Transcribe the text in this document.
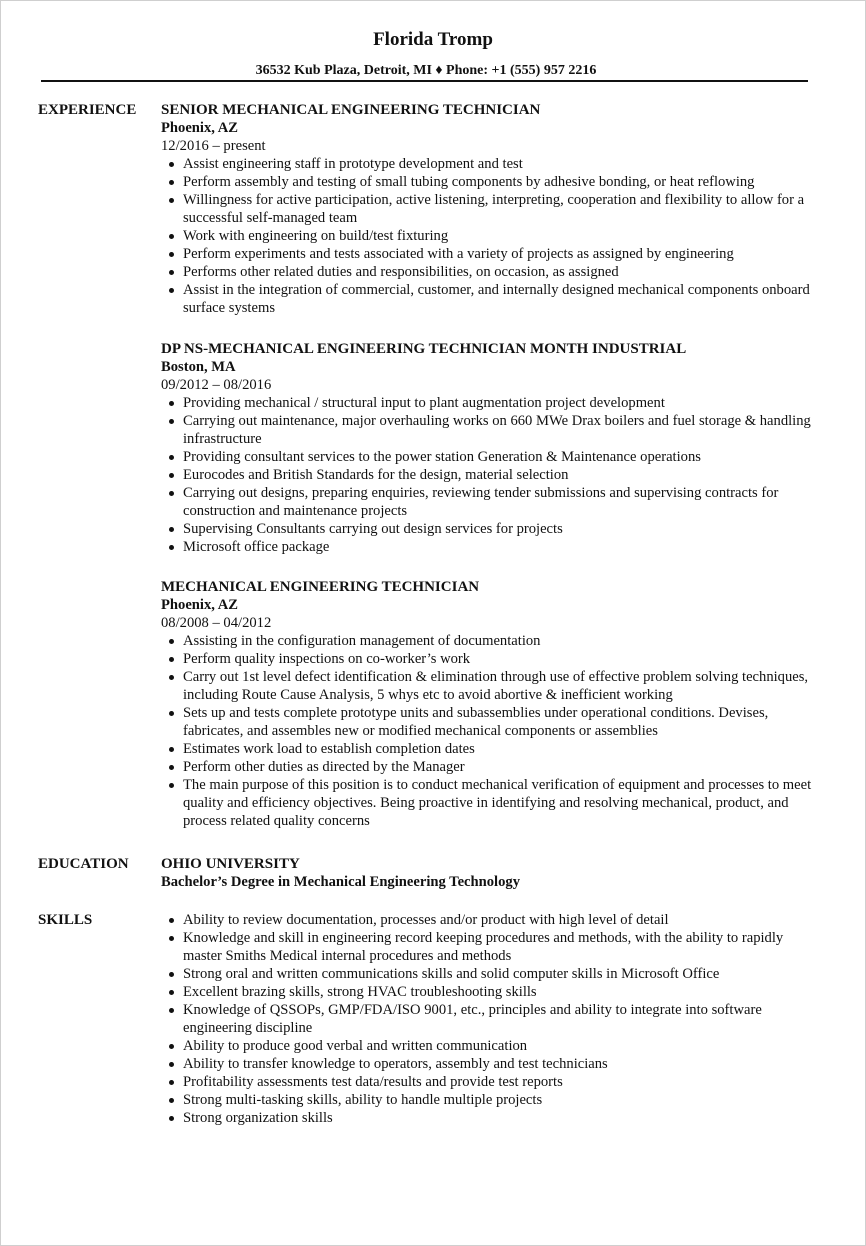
Florida Tromp
36532 Kub Plaza, Detroit, MI ♦ Phone: +1 (555) 957 2216
EXPERIENCE SENIOR MECHANICAL ENGINEERING TECHNICIAN
Phoenix, AZ
12/2016 – present
Assist engineering staff in prototype development and test
Perform assembly and testing of small tubing components by adhesive bonding, or heat reflowing
Willingness for active participation, active listening, interpreting, cooperation and flexibility to allow for a successful self-managed team
Work with engineering on build/test fixturing
Perform experiments and tests associated with a variety of projects as assigned by engineering
Performs other related duties and responsibilities, on occasion, as assigned
Assist in the integration of commercial, customer, and internally designed mechanical components onboard surface systems
DP NS-MECHANICAL ENGINEERING TECHNICIAN MONTH INDUSTRIAL
Boston, MA
09/2012 – 08/2016
Providing mechanical / structural input to plant augmentation project development
Carrying out maintenance, major overhauling works on 660 MWe Drax boilers and fuel storage & handling infrastructure
Providing consultant services to the power station Generation & Maintenance operations
Eurocodes and British Standards for the design, material selection
Carrying out designs, preparing enquiries, reviewing tender submissions and supervising contracts for construction and maintenance projects
Supervising Consultants carrying out design services for projects
Microsoft office package
MECHANICAL ENGINEERING TECHNICIAN
Phoenix, AZ
08/2008 – 04/2012
Assisting in the configuration management of documentation
Perform quality inspections on co-worker’s work
Carry out 1st level defect identification & elimination through use of effective problem solving techniques, including Route Cause Analysis, 5 whys etc to avoid abortive & inefficient working
Sets up and tests complete prototype units and subassemblies under operational conditions. Devises, fabricates, and assembles new or modified mechanical components or assemblies
Estimates work load to establish completion dates
Perform other duties as directed by the Manager
The main purpose of this position is to conduct mechanical verification of equipment and processes to meet quality and efficiency objectives. Being proactive in identifying and resolving mechanical, product, and process related quality concerns
EDUCATION OHIO UNIVERSITY
Bachelor’s Degree in Mechanical Engineering Technology
SKILLS	Ability to review documentation, processes and/or product with high level of detail
Knowledge and skill in engineering record keeping procedures and methods, with the ability to rapidly master Smiths Medical internal procedures and methods
Strong oral and written communications skills and solid computer skills in Microsoft Office
Excellent brazing skills, strong HVAC troubleshooting skills
Knowledge of QSSOPs, GMP/FDA/ISO 9001, etc., principles and ability to integrate into software engineering discipline
Ability to produce good verbal and written communication
Ability to transfer knowledge to operators, assembly and test technicians
Profitability assessments test data/results and provide test reports
Strong multi-tasking skills, ability to handle multiple projects
Strong organization skills
